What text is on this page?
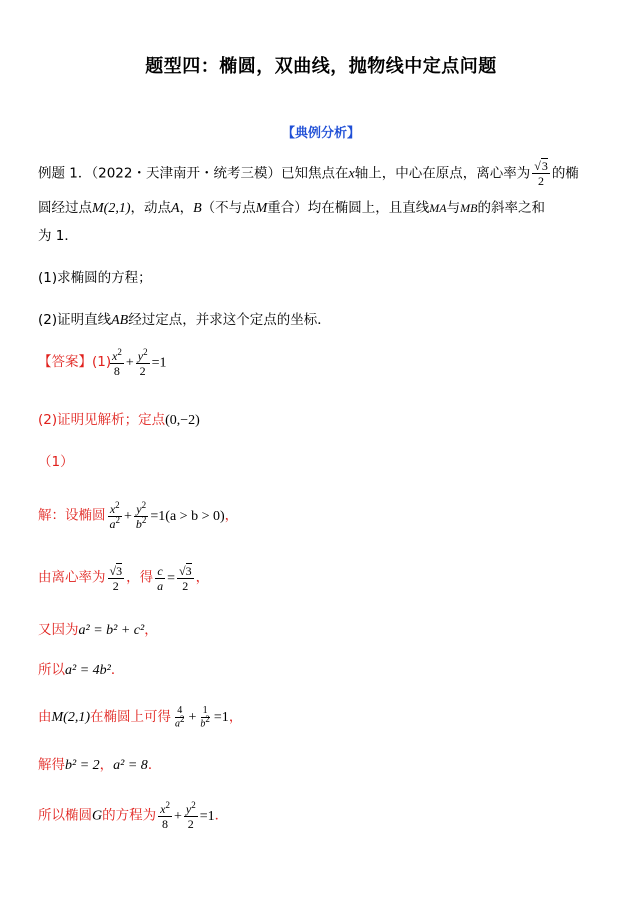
题型四：椭圆，双曲线，抛物线中定点问题
【典例分析】
例题 1．（2022・天津南开・统考三模）已知焦点在x轴上，中心在原点，离心率为 $\frac{√3}{2}$ 的椭
圆经过点M(2,1)，动点A，B（不与点M重合）均在椭圆上，且直线MA与MB的斜率之和
为 1．
(1)求椭圆的方程；
(2)证明直线AB经过定点，并求这个定点的坐标．
【答案】(1)
$\frac{x^2}{8} + \frac{y^2}{2} =1$
(2)证明见解析；定点(0,−2)
（1）
解：设椭圆 $\frac{x^2}{a^2} + \frac{y^2}{b^2} =1(a > b > 0)$，
由离心率为 $\frac{√3}{2}$ ，得 $\frac{c}{a} = \frac{√3}{2}$ ，
又因为a² = b² + c²，
所以a² = 4b²．
由M(2,1)在椭圆上可得 $\frac{4}{a^2} + \frac{1}{b^2} =1$，
解得b² = 2，a² = 8．
所以椭圆G的方程为 $\frac{x^2}{8} + \frac{y^2}{2} =1$．
